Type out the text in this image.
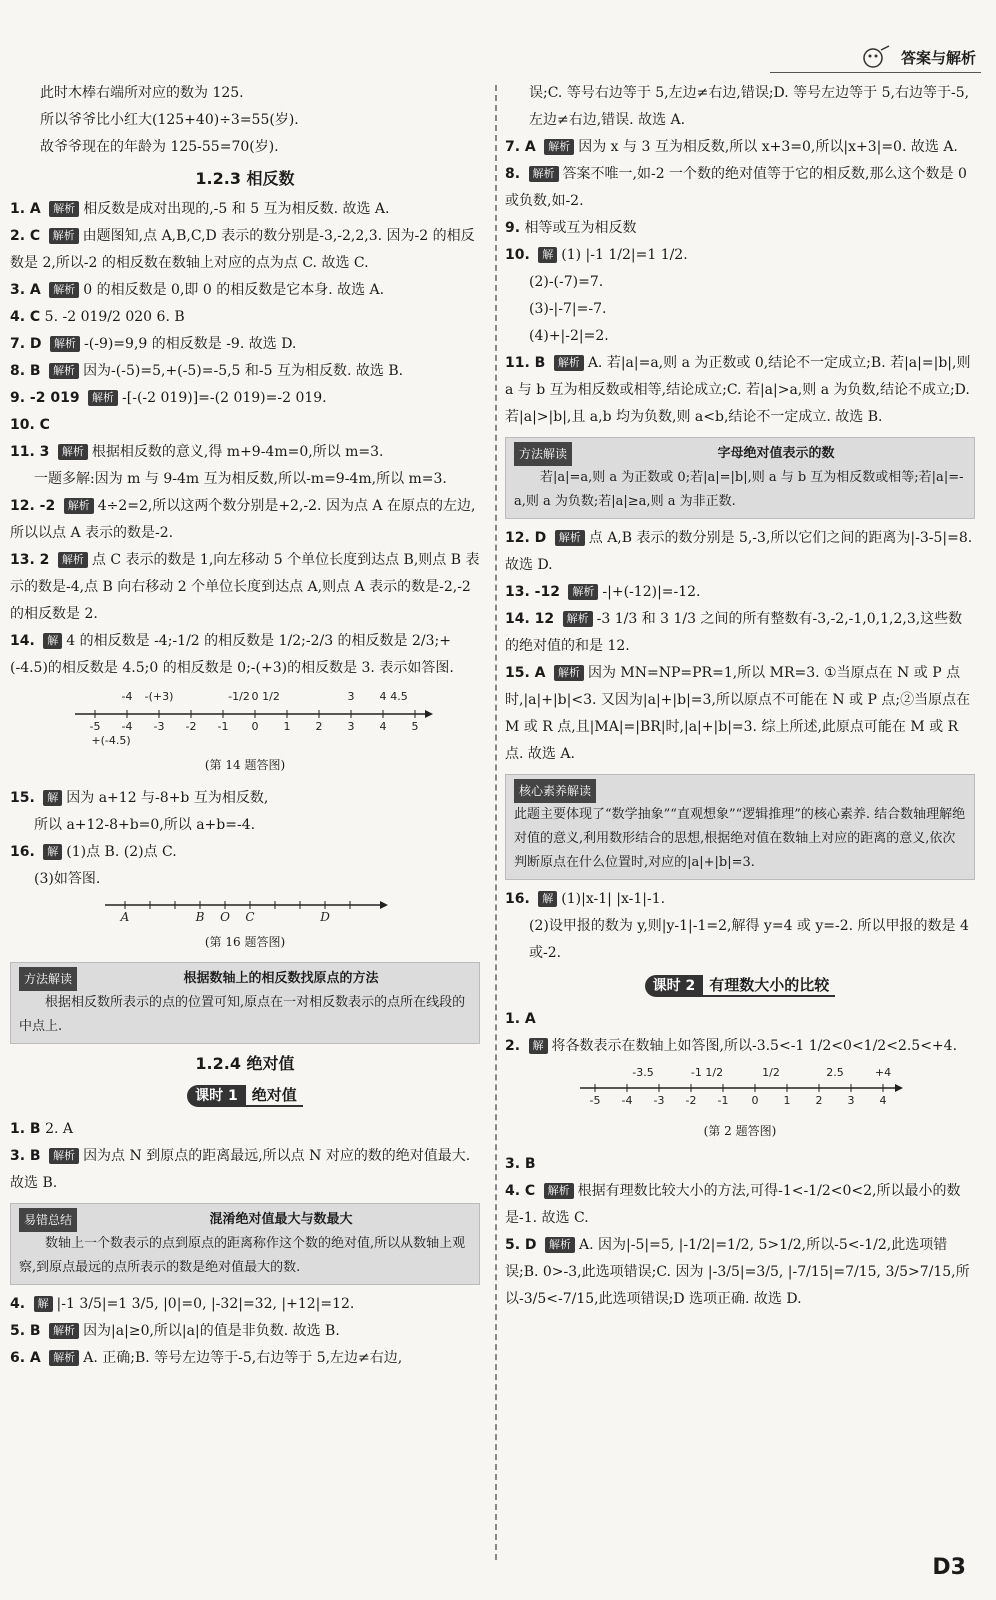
答案与解析
此时木棒右端所对应的数为 125.
所以爷爷比小红大(125+40)÷3=55(岁).
故爷爷现在的年龄为 125-55=70(岁).
1.2.3 相反数
1. A 解析 相反数是成对出现的,-5 和 5 互为相反数. 故选 A.
2. C 解析 由题图知,点 A,B,C,D 表示的数分别是-3,-2,2,3. 因为-2 的相反数是 2,所以-2 的相反数在数轴上对应的点为点 C. 故选 C.
3. A 解析 0 的相反数是 0,即 0 的相反数是它本身. 故选 A.
4. C 5. -2 019/2 020 6. B
7. D 解析 -(-9)=9,9 的相反数是 -9. 故选 D.
8. B 解析 因为-(-5)=5,+(-5)=-5,5 和-5 互为相反数. 故选 B.
9. -2 019 解析 -[-(-2 019)]=-(2 019)=-2 019.
10. C
11. 3 解析 根据相反数的意义,得 m+9-4m=0,所以 m=3.
一题多解:因为 m 与 9-4m 互为相反数,所以-m=9-4m,所以 m=3.
12. -2 解析 4÷2=2,所以这两个数分别是+2,-2. 因为点 A 在原点的左边,所以以点 A 表示的数是-2.
13. 2 解析 点 C 表示的数是 1,向左移动 5 个单位长度到达点 B,则点 B 表示的数是-4,点 B 向右移动 2 个单位长度到达点 A,则点 A 表示的数是-2,-2 的相反数是 2.
14. 解 4 的相反数是 -4;-1/2 的相反数是 1/2;-2/3 的相反数是 2/3;+(-4.5)的相反数是 4.5;0 的相反数是 0;-(+3)的相反数是 3. 表示如答图.
-5 -4 -3 -2 -1 0 1 2 3 4 5
-4 -(+3)	-1/2 0 1/2	3 4 4.5
+(-4.5)
(第 14 题答图)
15. 解 因为 a+12 与-8+b 互为相反数,
所以 a+12-8+b=0,所以 a+b=-4.
16. 解 (1)点 B. (2)点 C.
(3)如答图.
A	B O C	D
(第 16 题答图)
方法解读	根据数轴上的相反数找原点的方法
根据相反数所表示的点的位置可知,原点在一对相反数表示的点所在线段的中点上.
1.2.4 绝对值
课时 1 绝对值
1. B 2. A
3. B 解析 因为点 N 到原点的距离最远,所以点 N 对应的数的绝对值最大. 故选 B.
易错总结	混淆绝对值最大与数最大
数轴上一个数表示的点到原点的距离称作这个数的绝对值,所以从数轴上观察,到原点最远的点所表示的数是绝对值最大的数.
4. 解 |-1 3/5|=1 3/5, |0|=0, |-32|=32, |+12|=12.
5. B 解析 因为|a|≥0,所以|a|的值是非负数. 故选 B.
6. A 解析 A. 正确;B. 等号左边等于-5,右边等于 5,左边≠右边,
误;C. 等号右边等于 5,左边≠右边,错误;D. 等号左边等于 5,右边等于-5,左边≠右边,错误. 故选 A.
7. A 解析 因为 x 与 3 互为相反数,所以 x+3=0,所以|x+3|=0. 故选 A.
8. 解析 答案不唯一,如-2 一个数的绝对值等于它的相反数,那么这个数是 0 或负数,如-2.
9. 相等或互为相反数
10. 解 (1) |-1 1/2|=1 1/2.
(2)-(-7)=7.
(3)-|-7|=-7.
(4)+|-2|=2.
11. B 解析 A. 若|a|=a,则 a 为正数或 0,结论不一定成立;B. 若|a|=|b|,则 a 与 b 互为相反数或相等,结论成立;C. 若|a|>a,则 a 为负数,结论不成立;D. 若|a|>|b|,且 a,b 均为负数,则 a<b,结论不一定成立. 故选 B.
方法解读	字母绝对值表示的数
若|a|=a,则 a 为正数或 0;若|a|=|b|,则 a 与 b 互为相反数或相等;若|a|=-a,则 a 为负数;若|a|≥a,则 a 为非正数.
12. D 解析 点 A,B 表示的数分别是 5,-3,所以它们之间的距离为|-3-5|=8. 故选 D.
13. -12 解析 -|+(-12)|=-12.
14. 12 解析 -3 1/3 和 3 1/3 之间的所有整数有-3,-2,-1,0,1,2,3,这些数的绝对值的和是 12.
15. A 解析 因为 MN=NP=PR=1,所以 MR=3. ①当原点在 N 或 P 点时,|a|+|b|<3. 又因为|a|+|b|=3,所以原点不可能在 N 或 P 点;②当原点在 M 或 R 点,且|MA|=|BR|时,|a|+|b|=3. 综上所述,此原点可能在 M 或 R 点. 故选 A.
核心素养解读
此题主要体现了“数学抽象”“直观想象”“逻辑推理”的核心素养. 结合数轴理解绝对值的意义,利用数形结合的思想,根据绝对值在数轴上对应的距离的意义,依次判断原点在什么位置时,对应的|a|+|b|=3.
16. 解 (1)|x-1| |x-1|-1.
(2)设甲报的数为 y,则|y-1|-1=2,解得 y=4 或 y=-2. 所以甲报的数是 4 或-2.
课时 2 有理数大小的比较
1. A
2. 解 将各数表示在数轴上如答图,所以-3.5<-1 1/2<0<1/2<2.5<+4.
-5 -4 -3 -2 -1 0 1 2 3 4
-3.5	-1 1/2	1/2	2.5	+4
(第 2 题答图)
3. B
4. C 解析 根据有理数比较大小的方法,可得-1<-1/2<0<2,所以最小的数是-1. 故选 C.
5. D 解析 A. 因为|-5|=5, |-1/2|=1/2, 5>1/2,所以-5<-1/2,此选项错误;B. 0>-3,此选项错误;C. 因为 |-3/5|=3/5, |-7/15|=7/15, 3/5>7/15,所以-3/5<-7/15,此选项错误;D 选项正确. 故选 D.
D3
